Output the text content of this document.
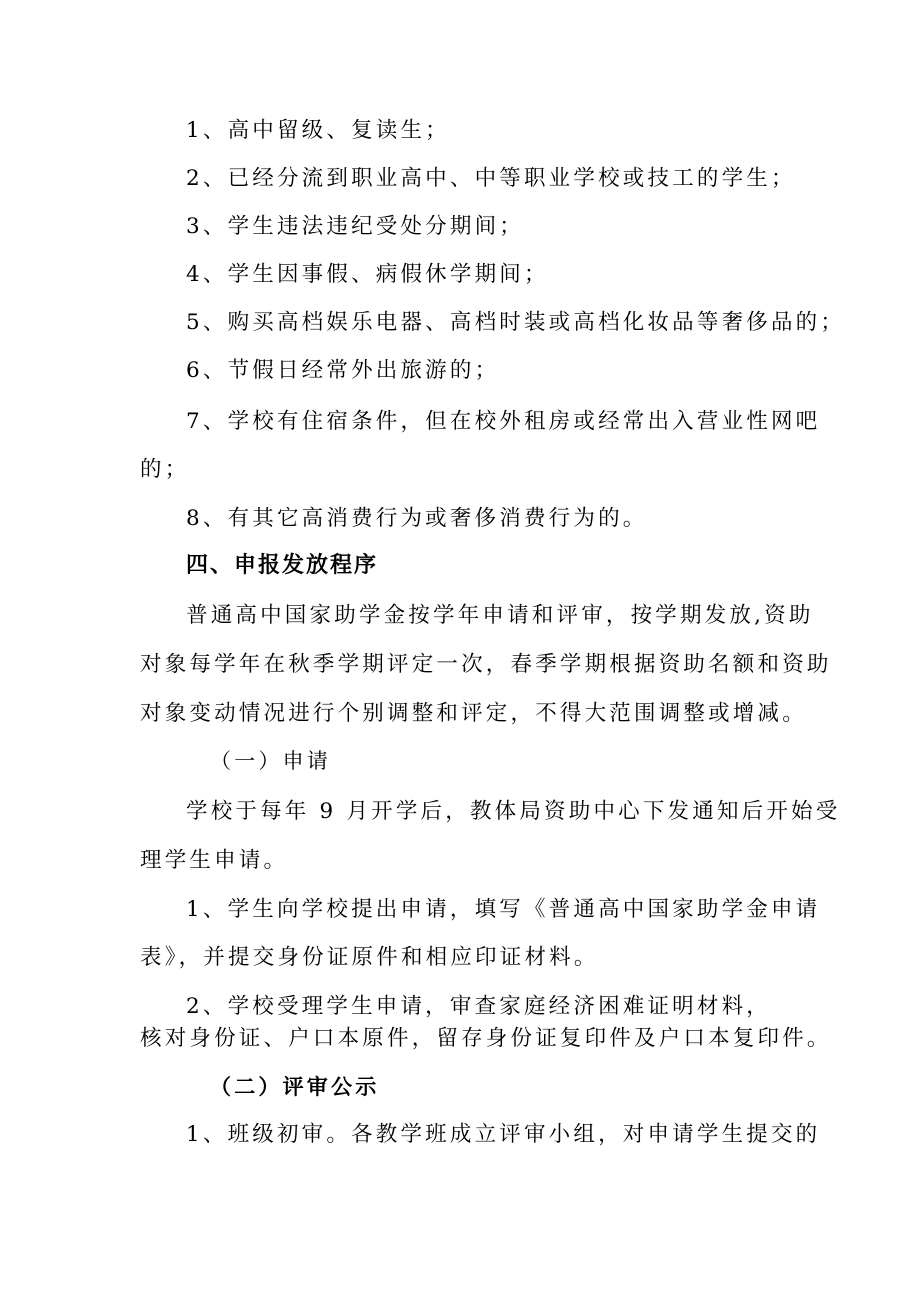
1、高中留级、复读生；
2、已经分流到职业高中、中等职业学校或技工的学生；
3、学生违法违纪受处分期间；
4、学生因事假、病假休学期间；
5、购买高档娱乐电器、高档时装或高档化妆品等奢侈品的；
6、节假日经常外出旅游的；
7、学校有住宿条件，但在校外租房或经常出入营业性网吧
的；
8、有其它高消费行为或奢侈消费行为的。
四、申报发放程序
普通高中国家助学金按学年申请和评审，按学期发放,资助
对象每学年在秋季学期评定一次，春季学期根据资助名额和资助
对象变动情况进行个别调整和评定，不得大范围调整或增减。
（一）申请
学校于每年 9 月开学后，教体局资助中心下发通知后开始受
理学生申请。
1、学生向学校提出申请，填写《普通高中国家助学金申请
表》，并提交身份证原件和相应印证材料。
2、学校受理学生申请，审查家庭经济困难证明材料，
核对身份证、户口本原件，留存身份证复印件及户口本复印件。
（二）评审公示
1、班级初审。各教学班成立评审小组，对申请学生提交的
